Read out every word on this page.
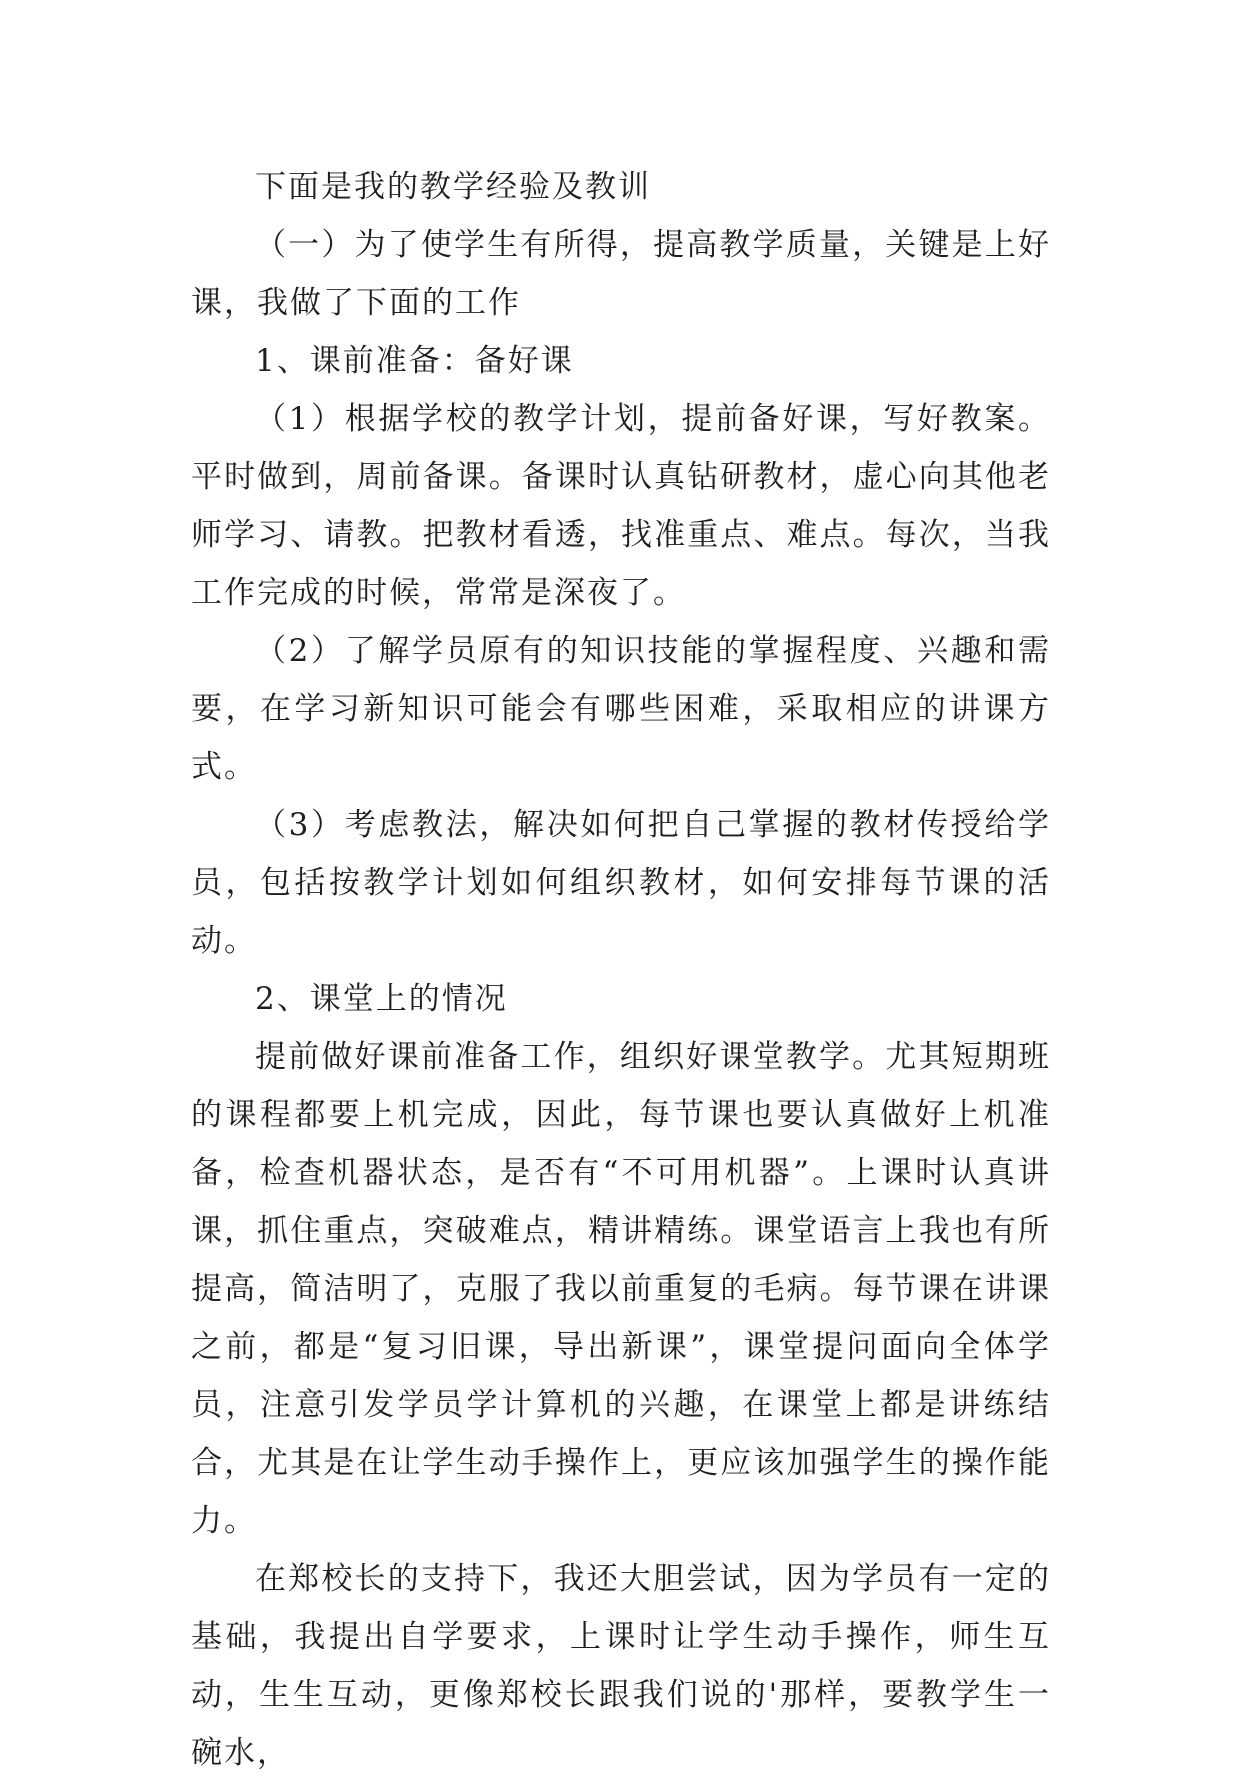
下面是我的教学经验及教训

（一）为了使学生有所得，提高教学质量，关键是上好课，我做了下面的工作

1、课前准备：备好课

（1）根据学校的教学计划，提前备好课，写好教案。平时做到，周前备课。备课时认真钻研教材，虚心向其他老师学习、请教。把教材看透，找准重点、难点。每次，当我工作完成的时候，常常是深夜了。

（2）了解学员原有的知识技能的掌握程度、兴趣和需要，在学习新知识可能会有哪些困难，采取相应的讲课方式。

（3）考虑教法，解决如何把自己掌握的教材传授给学员，包括按教学计划如何组织教材，如何安排每节课的活动。

2、课堂上的情况

提前做好课前准备工作，组织好课堂教学。尤其短期班的课程都要上机完成，因此，每节课也要认真做好上机准备，检查机器状态，是否有“不可用机器”。上课时认真讲课，抓住重点，突破难点，精讲精练。课堂语言上我也有所提高，简洁明了，克服了我以前重复的毛病。每节课在讲课之前，都是“复习旧课，导出新课”，课堂提问面向全体学员，注意引发学员学计算机的兴趣，在课堂上都是讲练结合，尤其是在让学生动手操作上，更应该加强学生的操作能力。

在郑校长的支持下，我还大胆尝试，因为学员有一定的基础，我提出自学要求，上课时让学生动手操作，师生互动，生生互动，更像郑校长跟我们说的'那样，要教学生一碗水，
